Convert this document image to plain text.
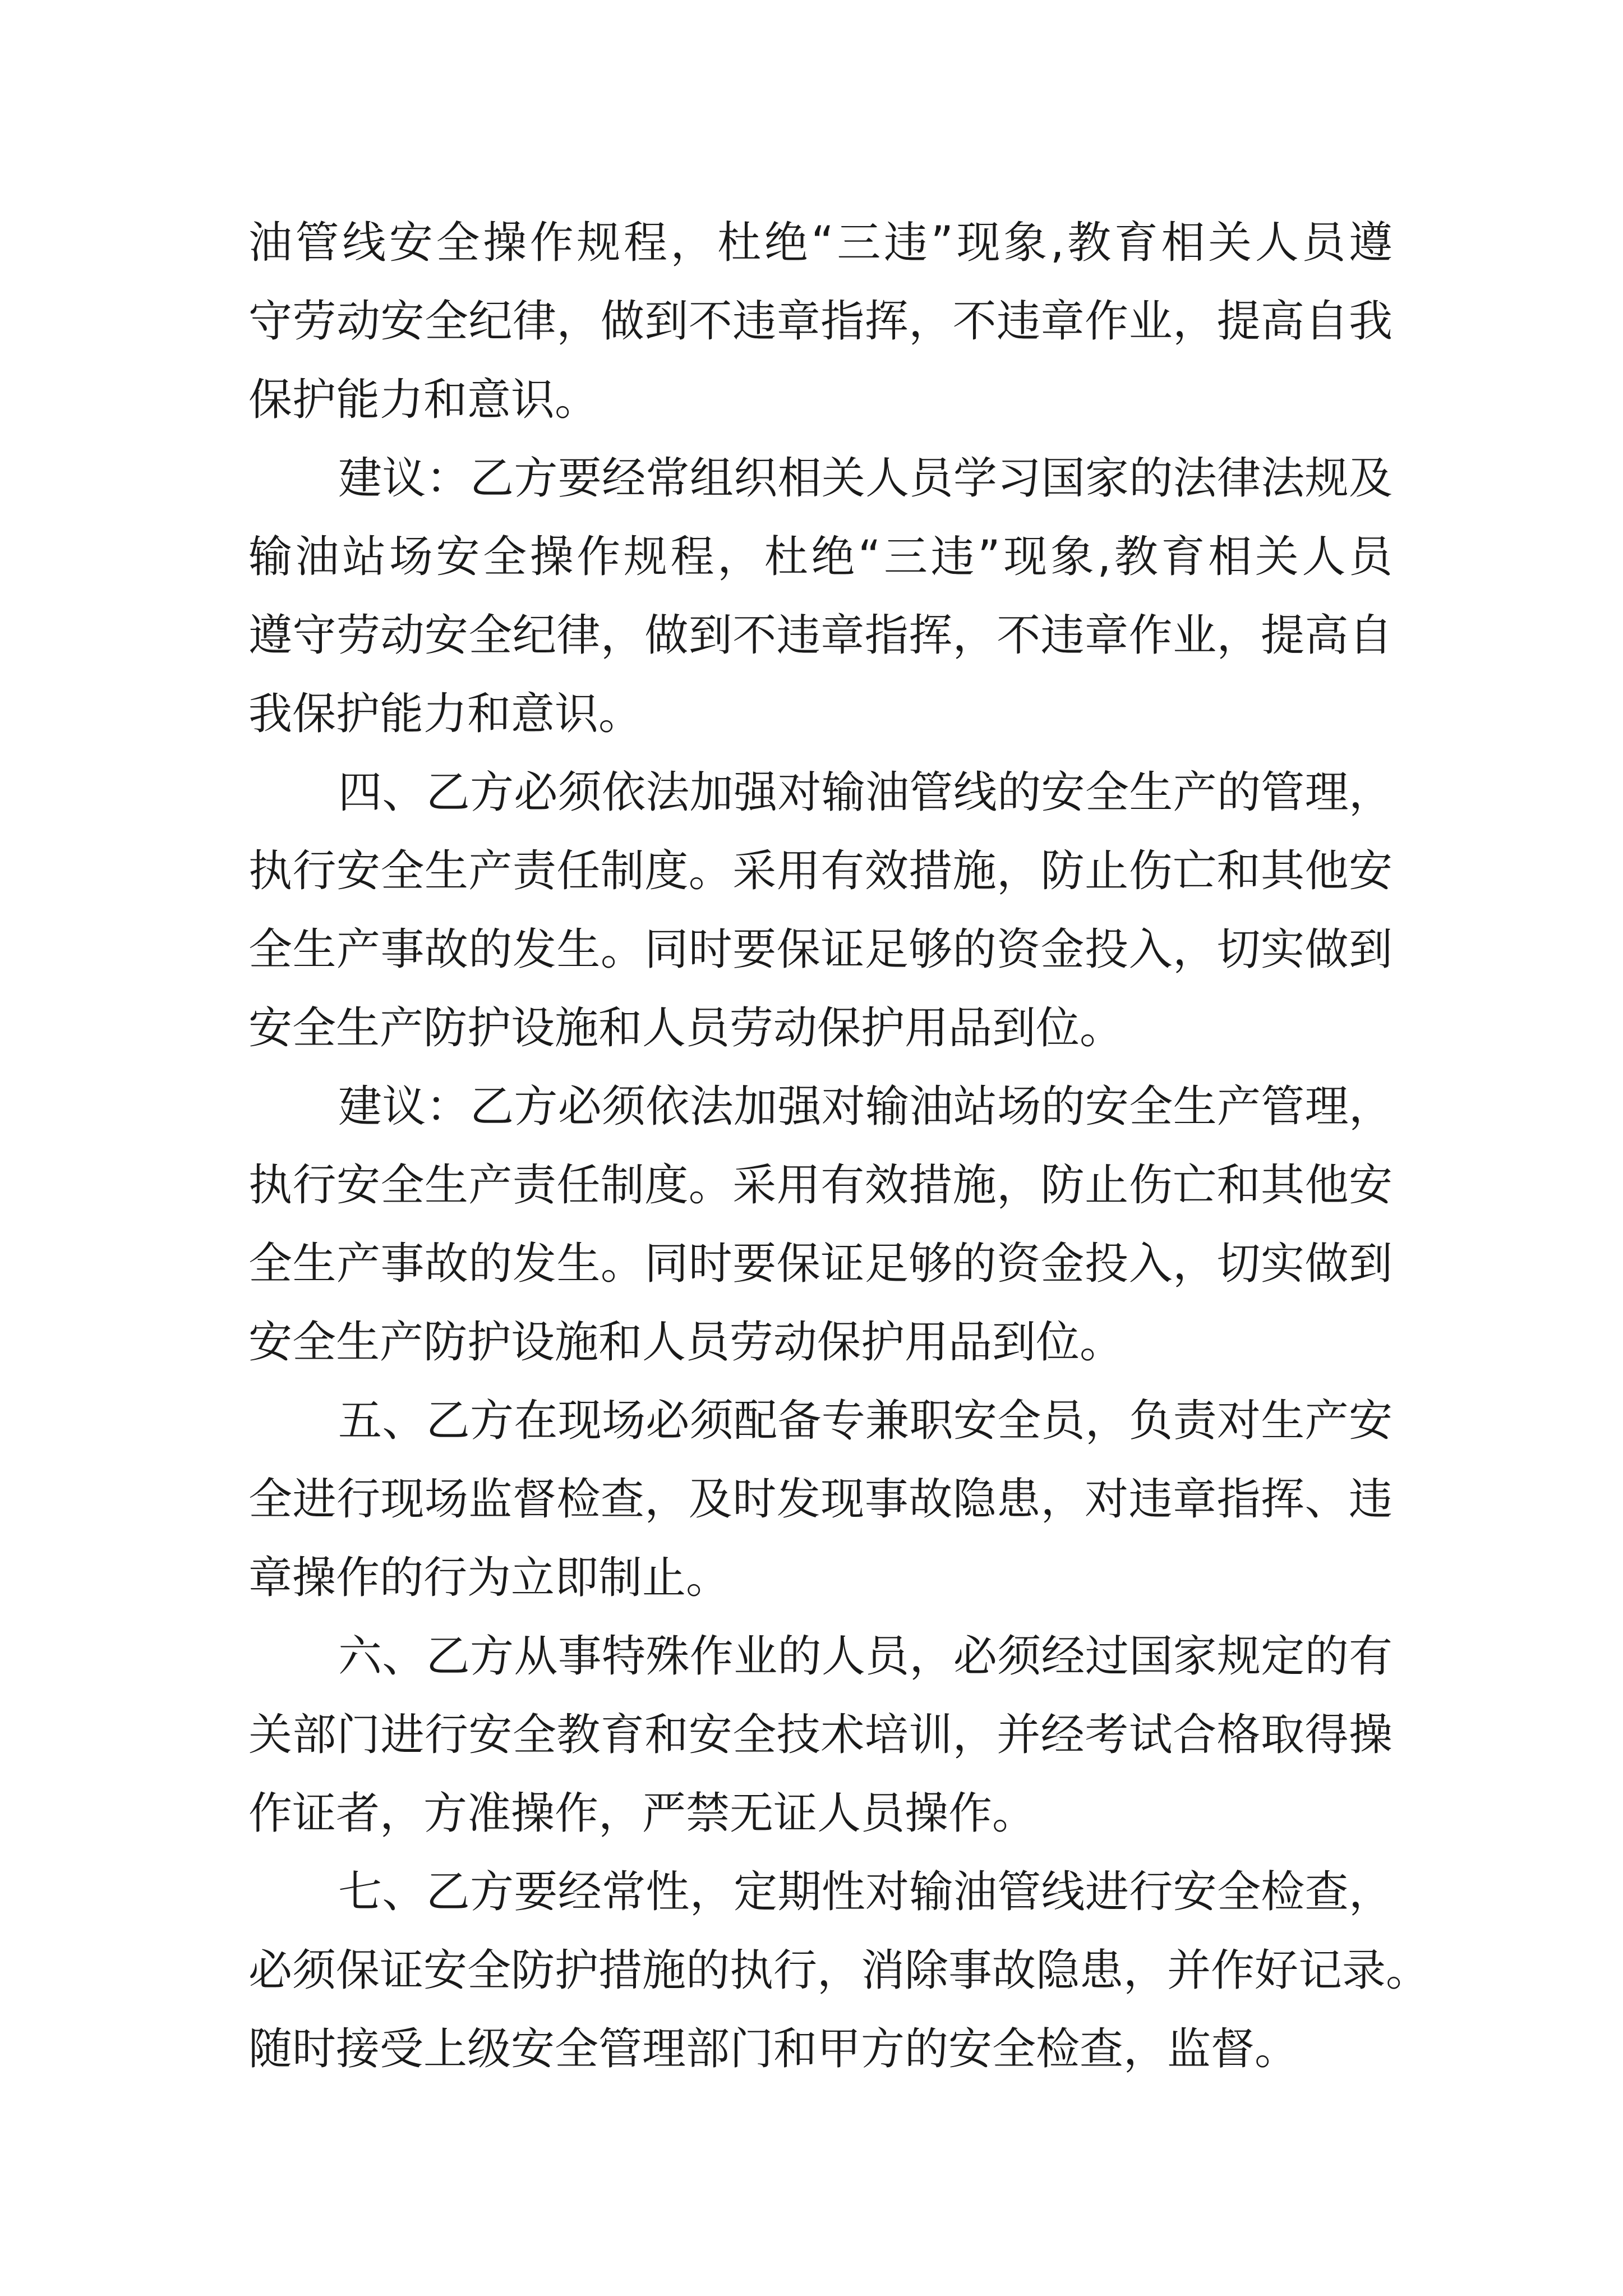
油管线安全操作规程，杜绝“三违”现象,教育相关人员遵

守劳动安全纪律，做到不违章指挥，不违章作业，提高自我

保护能力和意识。

建议：乙方要经常组织相关人员学习国家的法律法规及

输油站场安全操作规程，杜绝“三违”现象,教育相关人员

遵守劳动安全纪律，做到不违章指挥，不违章作业，提高自

我保护能力和意识。

四、乙方必须依法加强对输油管线的安全生产的管理，

执行安全生产责任制度。采用有效措施，防止伤亡和其他安

全生产事故的发生。同时要保证足够的资金投入，切实做到

安全生产防护设施和人员劳动保护用品到位。

建议：乙方必须依法加强对输油站场的安全生产管理，

执行安全生产责任制度。采用有效措施，防止伤亡和其他安

全生产事故的发生。同时要保证足够的资金投入，切实做到

安全生产防护设施和人员劳动保护用品到位。

五、乙方在现场必须配备专兼职安全员，负责对生产安

全进行现场监督检查，及时发现事故隐患，对违章指挥、违

章操作的行为立即制止。

六、乙方从事特殊作业的人员，必须经过国家规定的有

关部门进行安全教育和安全技术培训，并经考试合格取得操

作证者，方准操作，严禁无证人员操作。

七、乙方要经常性，定期性对输油管线进行安全检查，

必须保证安全防护措施的执行，消除事故隐患，并作好记录。

随时接受上级安全管理部门和甲方的安全检查，监督。
